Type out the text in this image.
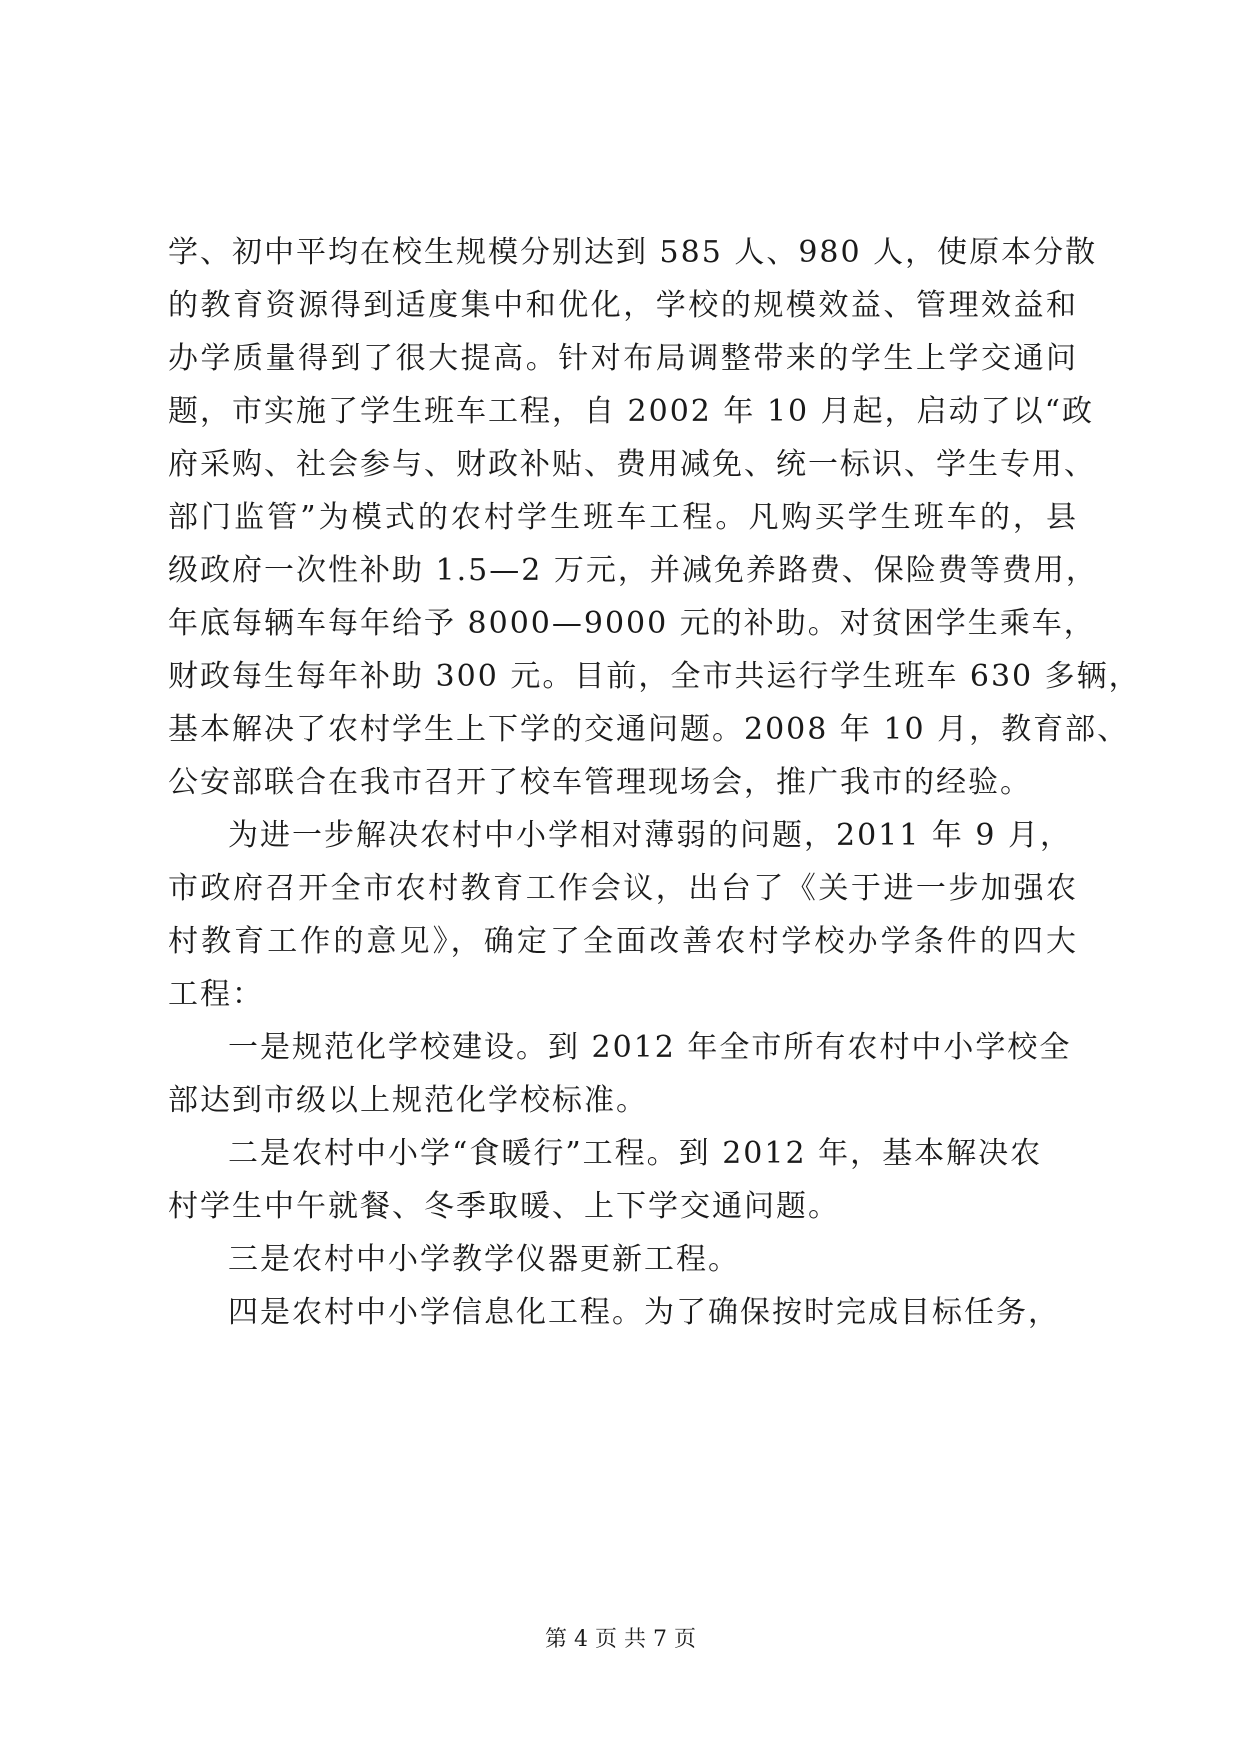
学、初中平均在校生规模分别达到 585 人、980 人，使原本分散
的教育资源得到适度集中和优化，学校的规模效益、管理效益和
办学质量得到了很大提高。针对布局调整带来的学生上学交通问
题，市实施了学生班车工程，自 2002 年 10 月起，启动了以“政
府采购、社会参与、财政补贴、费用减免、统一标识、学生专用、
部门监管”为模式的农村学生班车工程。凡购买学生班车的，县
级政府一次性补助 1.5—2 万元，并减免养路费、保险费等费用，
年底每辆车每年给予 8000—9000 元的补助。对贫困学生乘车，
财政每生每年补助 300 元。目前，全市共运行学生班车 630 多辆，
基本解决了农村学生上下学的交通问题。2008 年 10 月，教育部、
公安部联合在我市召开了校车管理现场会，推广我市的经验。
为进一步解决农村中小学相对薄弱的问题，2011 年 9 月，
市政府召开全市农村教育工作会议，出台了《关于进一步加强农
村教育工作的意见》，确定了全面改善农村学校办学条件的四大
工程：
一是规范化学校建设。到 2012 年全市所有农村中小学校全
部达到市级以上规范化学校标准。
二是农村中小学“食暖行”工程。到 2012 年，基本解决农
村学生中午就餐、冬季取暖、上下学交通问题。
三是农村中小学教学仪器更新工程。
四是农村中小学信息化工程。为了确保按时完成目标任务，
第 4 页 共 7 页
